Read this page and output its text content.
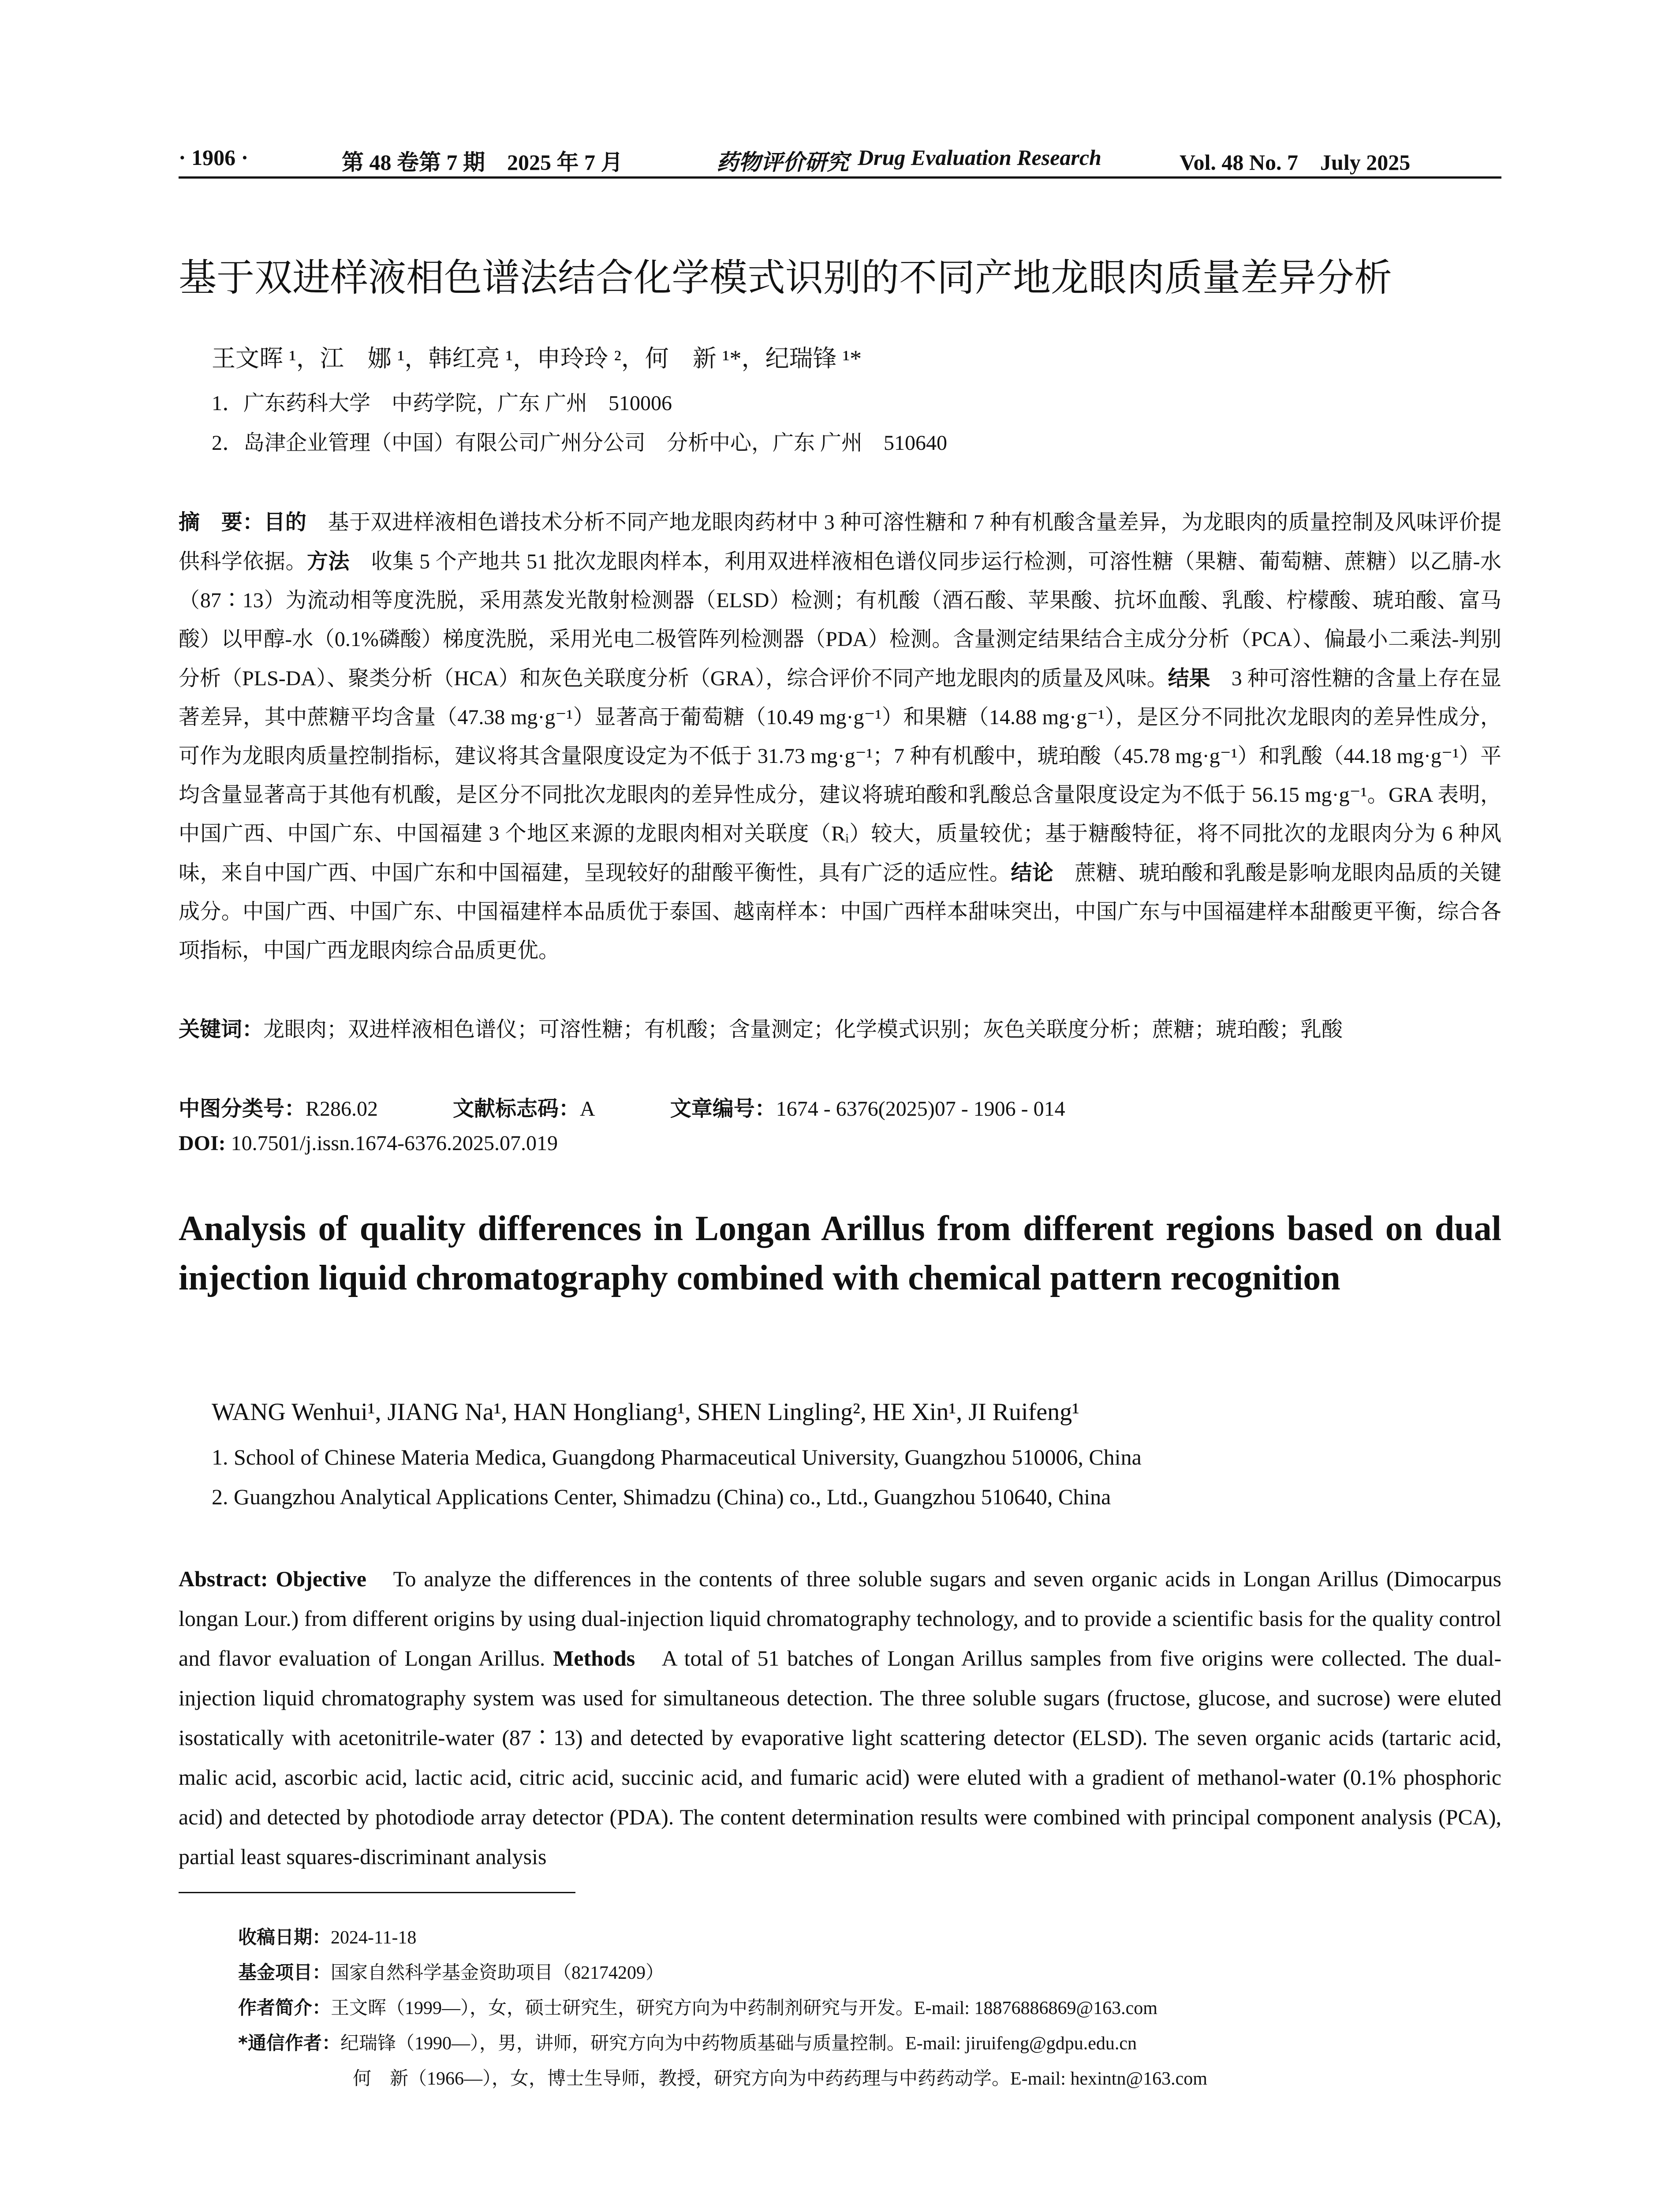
· 1906 ·	第 48 卷第 7 期　2025 年 7 月	药物评价研究 Drug Evaluation Research	Vol. 48 No. 7　July 2025
基于双进样液相色谱法结合化学模式识别的不同产地龙眼肉质量差异分析
王文晖 ¹，江　娜 ¹，韩红亮 ¹，申玲玲 ²，何　新 ¹*，纪瑞锋 ¹*
1．广东药科大学　中药学院，广东 广州　510006
2．岛津企业管理（中国）有限公司广州分公司　分析中心，广东 广州　510640
摘　要：目的　基于双进样液相色谱技术分析不同产地龙眼肉药材中 3 种可溶性糖和 7 种有机酸含量差异，为龙眼肉的质量控制及风味评价提供科学依据。方法　收集 5 个产地共 51 批次龙眼肉样本，利用双进样液相色谱仪同步运行检测，可溶性糖（果糖、葡萄糖、蔗糖）以乙腈-水（87∶13）为流动相等度洗脱，采用蒸发光散射检测器（ELSD）检测；有机酸（酒石酸、苹果酸、抗坏血酸、乳酸、柠檬酸、琥珀酸、富马酸）以甲醇-水（0.1%磷酸）梯度洗脱，采用光电二极管阵列检测器（PDA）检测。含量测定结果结合主成分分析（PCA）、偏最小二乘法-判别分析（PLS-DA）、聚类分析（HCA）和灰色关联度分析（GRA），综合评价不同产地龙眼肉的质量及风味。结果　3 种可溶性糖的含量上存在显著差异，其中蔗糖平均含量（47.38 mg·g⁻¹）显著高于葡萄糖（10.49 mg·g⁻¹）和果糖（14.88 mg·g⁻¹），是区分不同批次龙眼肉的差异性成分，可作为龙眼肉质量控制指标，建议将其含量限度设定为不低于 31.73 mg·g⁻¹；7 种有机酸中，琥珀酸（45.78 mg·g⁻¹）和乳酸（44.18 mg·g⁻¹）平均含量显著高于其他有机酸，是区分不同批次龙眼肉的差异性成分，建议将琥珀酸和乳酸总含量限度设定为不低于 56.15 mg·g⁻¹。GRA 表明，中国广西、中国广东、中国福建 3 个地区来源的龙眼肉相对关联度（Rᵢ）较大，质量较优；基于糖酸特征，将不同批次的龙眼肉分为 6 种风味，来自中国广西、中国广东和中国福建，呈现较好的甜酸平衡性，具有广泛的适应性。结论　蔗糖、琥珀酸和乳酸是影响龙眼肉品质的关键成分。中国广西、中国广东、中国福建样本品质优于泰国、越南样本：中国广西样本甜味突出，中国广东与中国福建样本甜酸更平衡，综合各项指标，中国广西龙眼肉综合品质更优。
关键词：龙眼肉；双进样液相色谱仪；可溶性糖；有机酸；含量测定；化学模式识别；灰色关联度分析；蔗糖；琥珀酸；乳酸
中图分类号：R286.02	文献标志码：A	文章编号：1674 - 6376(2025)07 - 1906 - 014
DOI: 10.7501/j.issn.1674-6376.2025.07.019
Analysis of quality differences in Longan Arillus from different regions based on dual injection liquid chromatography combined with chemical pattern recognition
WANG Wenhui¹, JIANG Na¹, HAN Hongliang¹, SHEN Lingling², HE Xin¹, JI Ruifeng¹
1. School of Chinese Materia Medica, Guangdong Pharmaceutical University, Guangzhou 510006, China
2. Guangzhou Analytical Applications Center, Shimadzu (China) co., Ltd., Guangzhou 510640, China
Abstract: Objective　To analyze the differences in the contents of three soluble sugars and seven organic acids in Longan Arillus (Dimocarpus longan Lour.) from different origins by using dual-injection liquid chromatography technology, and to provide a scientific basis for the quality control and flavor evaluation of Longan Arillus. Methods　A total of 51 batches of Longan Arillus samples from five origins were collected. The dual-injection liquid chromatography system was used for simultaneous detection. The three soluble sugars (fructose, glucose, and sucrose) were eluted isostatically with acetonitrile-water (87∶13) and detected by evaporative light scattering detector (ELSD). The seven organic acids (tartaric acid, malic acid, ascorbic acid, lactic acid, citric acid, succinic acid, and fumaric acid) were eluted with a gradient of methanol-water (0.1% phosphoric acid) and detected by photodiode array detector (PDA). The content determination results were combined with principal component analysis (PCA), partial least squares-discriminant analysis
收稿日期：2024-11-18
基金项目：国家自然科学基金资助项目（82174209）
作者简介：王文晖（1999—），女，硕士研究生，研究方向为中药制剂研究与开发。E-mail: 18876886869@163.com
*通信作者：纪瑞锋（1990—），男，讲师，研究方向为中药物质基础与质量控制。E-mail: jiruifeng@gdpu.edu.cn
何　新（1966—），女，博士生导师，教授，研究方向为中药药理与中药药动学。E-mail: hexintn@163.com
